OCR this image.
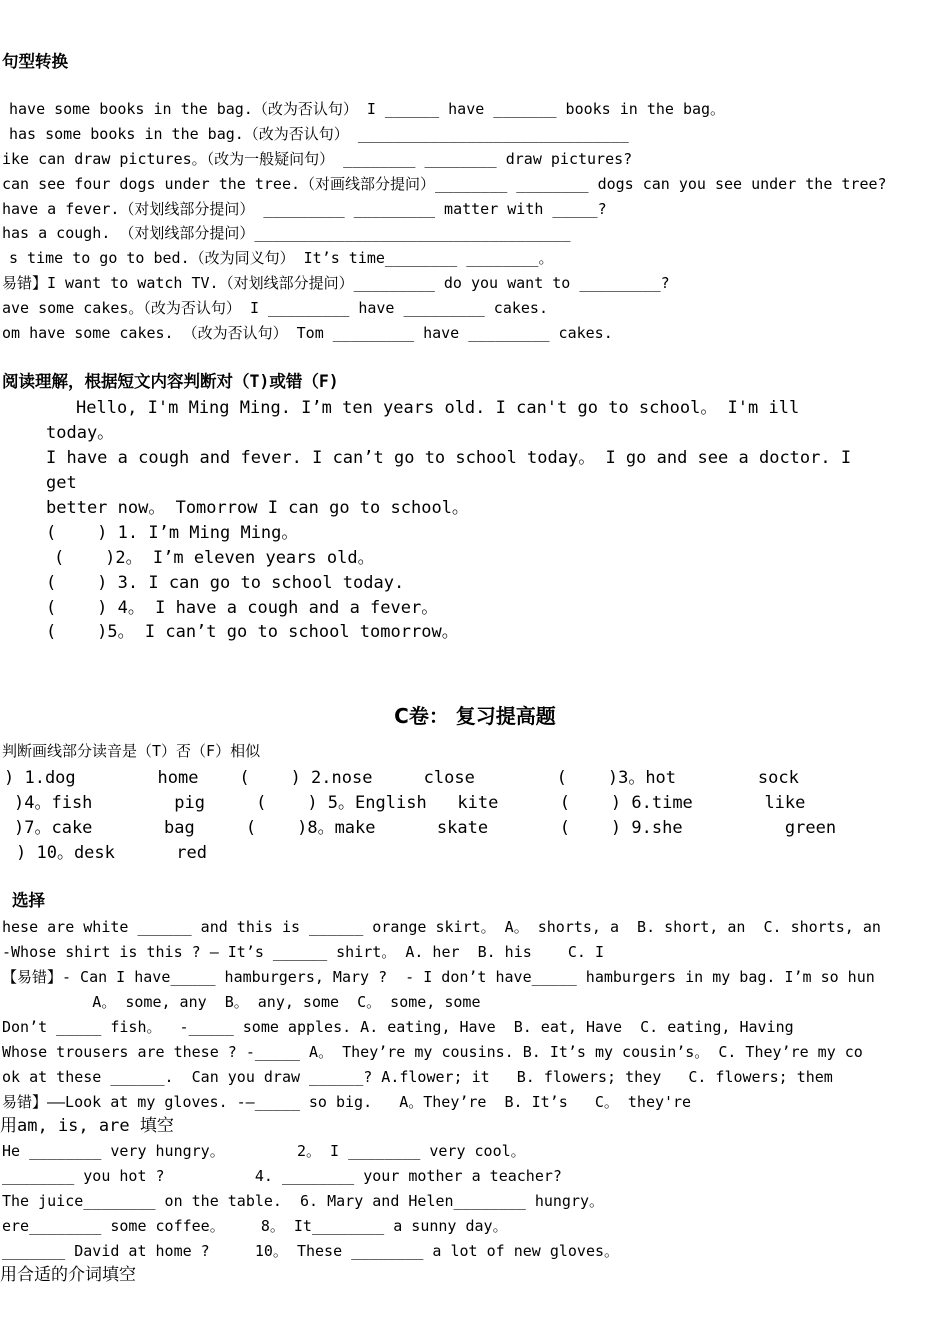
句型转换
have some books in the bag.（改为否认句） I ______ have _______ books in the bag。
has some books in the bag.（改为否认句） ______________________________
ike can draw pictures。（改为一般疑问句） ________ ________ draw pictures?
can see four dogs under the tree.（对画线部分提问）________ ________ dogs can you see under the tree?
have a fever.（对划线部分提问） _________ _________ matter with _____?
has a cough. （对划线部分提问）___________________________________
s time to go to bed.（改为同义句） It’s time________ ________。
易错】I want to watch TV.（对划线部分提问）_________ do you want to _________?
ave some cakes。（改为否认句） I _________ have _________ cakes.
om have some cakes. （改为否认句） Tom _________ have _________ cakes.
阅读理解，根据短文内容判断对（T)或错（F)
Hello, I'm Ming Ming. I’m ten years old. I can't go to school。 I'm ill
today。
I have a cough and fever. I can’t go to school today。 I go and see a doctor. I
get
better now。 Tomorrow I can go to school。
(    ) 1. I’m Ming Ming。
(    )2。 I’m eleven years old。
(    ) 3. I can go to school today.
(    ) 4。 I have a cough and a fever。
(    )5。 I can’t go to school tomorrow。
C卷： 复习提高题
判断画线部分读音是（T）否（F）相似
) 1.dog        home    (    ) 2.nose     close        (    )3。hot        sock
)4。fish        pig     (    ) 5。English   kite      (    ) 6.time       like
)7。cake       bag     (    )8。make      skate       (    ) 9.she          green
) 10。desk      red
选择
hese are white ______ and this is ______ orange skirt。 A。 shorts, a  B. short, an  C. shorts, an
-Whose shirt is this ? – It’s ______ shirt。 A. her  B. his    C. I
【易错】- Can I have_____ hamburgers, Mary ?  - I don’t have_____ hamburgers in my bag. I’m so hun
A。 some, any  B。 any, some  C。 some, some
Don’t _____ fish。  -_____ some apples. A. eating, Have  B. eat, Have  C. eating, Having
Whose trousers are these ? -_____ A。 They’re my cousins. B. It’s my cousin’s。 C. They’re my co
ok at these ______.  Can you draw ______? A.flower; it   B. flowers; they   C. flowers; them
易错】——Look at my gloves. -—_____ so big.   A。They’re  B. It’s   C。 they're
用am, is, are 填空
He ________ very hungry。        2。 I ________ very cool。
________ you hot ?          4. ________ your mother a teacher?
The juice________ on the table.  6. Mary and Helen________ hungry。
ere________ some coffee。    8。 It________ a sunny day。
_______ David at home ?     10。 These ________ a lot of new gloves。
用合适的介词填空
